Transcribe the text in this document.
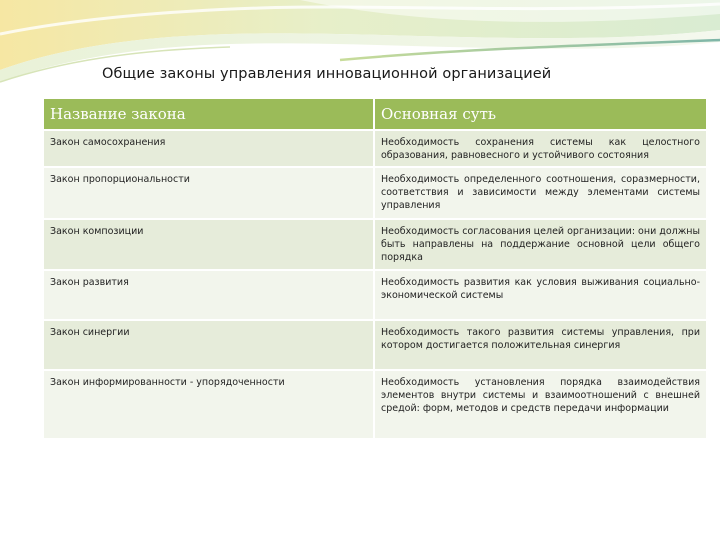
Общие законы управления инновационной организацией
Название закона	Основная суть
Закон самосохранения	Необходимость сохранения системы как целостного образования, равновесного и устойчивого состояния
Закон пропорциональности	Необходимость определенного соотношения, соразмерности, соответствия и зависимости между элементами системы управления
Закон композиции	Необходимость согласования целей организации: они должны быть направлены на поддержание основной цели общего порядка
Закон развития	Необходимость развития как условия выживания социально-экономической системы
Закон синергии	Необходимость такого развития системы управления, при котором достигается положительная синергия
Закон информированности - упорядоченности	Необходимость установления порядка взаимодействия элементов внутри системы и взаимоотношений с внешней средой: форм, методов и средств передачи информации
